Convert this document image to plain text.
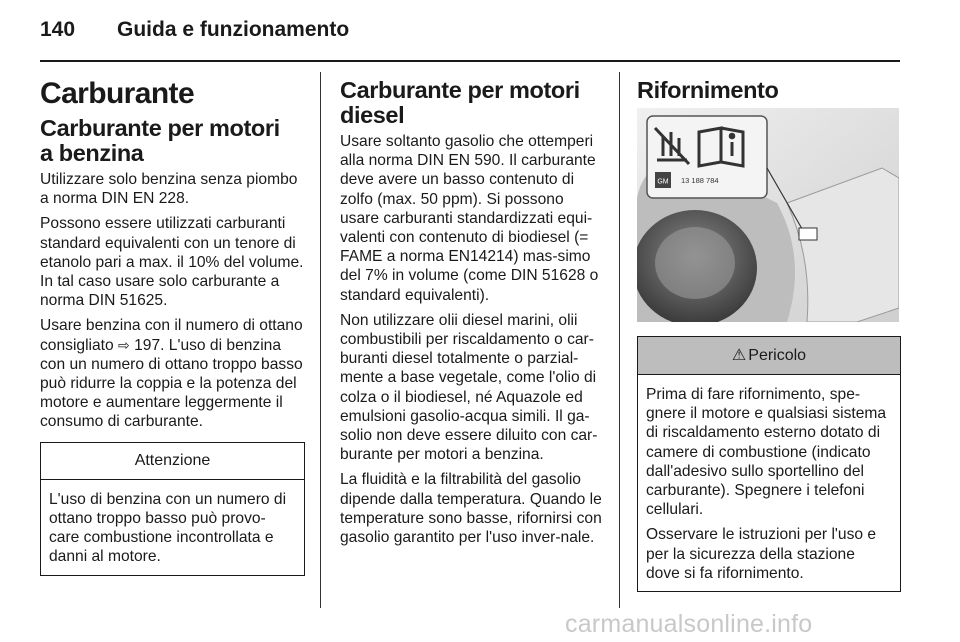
140 Guida e funzionamento
Carburante
Carburante per motori
a benzina

Utilizzare solo benzina senza piombo a norma DIN EN 228.

Possono essere utilizzati carburanti standard equivalenti con un tenore di etanolo pari a max. il 10% del volume. In tal caso usare solo carburante a norma DIN 51625.

Usare benzina con il numero di ottano consigliato ⇨ 197. L'uso di benzina con un numero di ottano troppo basso può ridurre la coppia e la potenza del motore e aumentare leggermente il consumo di carburante.

Attenzione

L'uso di benzina con un numero di ottano troppo basso può provo-care combustione incontrollata e danni al motore.

Carburante per motori
diesel

Usare soltanto gasolio che ottemperi alla norma DIN EN 590. Il carburante deve avere un basso contenuto di zolfo (max. 50 ppm). Si possono usare carburanti standardizzati equi-valenti con contenuto di biodiesel (= FAME a norma EN14214) mas-simo del 7% in volume (come DIN 51628 o standard equivalenti).

Non utilizzare olii diesel marini, olii combustibili per riscaldamento o car-buranti diesel totalmente o parzial-mente a base vegetale, come l'olio di colza o il biodiesel, né Aquazole ed emulsioni gasolio-acqua simili. Il ga-solio non deve essere diluito con car-burante per motori a benzina.

La fluidità e la filtrabilità del gasolio dipende dalla temperatura. Quando le temperature sono basse, rifornirsi con gasolio garantito per l'uso inver-nale.

Rifornimento
GM 13 188 784
⚠ Pericolo

Prima di fare rifornimento, spe-gnere il motore e qualsiasi sistema di riscaldamento esterno dotato di camere di combustione (indicato dall'adesivo sullo sportellino del carburante). Spegnere i telefoni cellulari.

Osservare le istruzioni per l'uso e per la sicurezza della stazione dove si fa rifornimento.

carmanualsonline.info
